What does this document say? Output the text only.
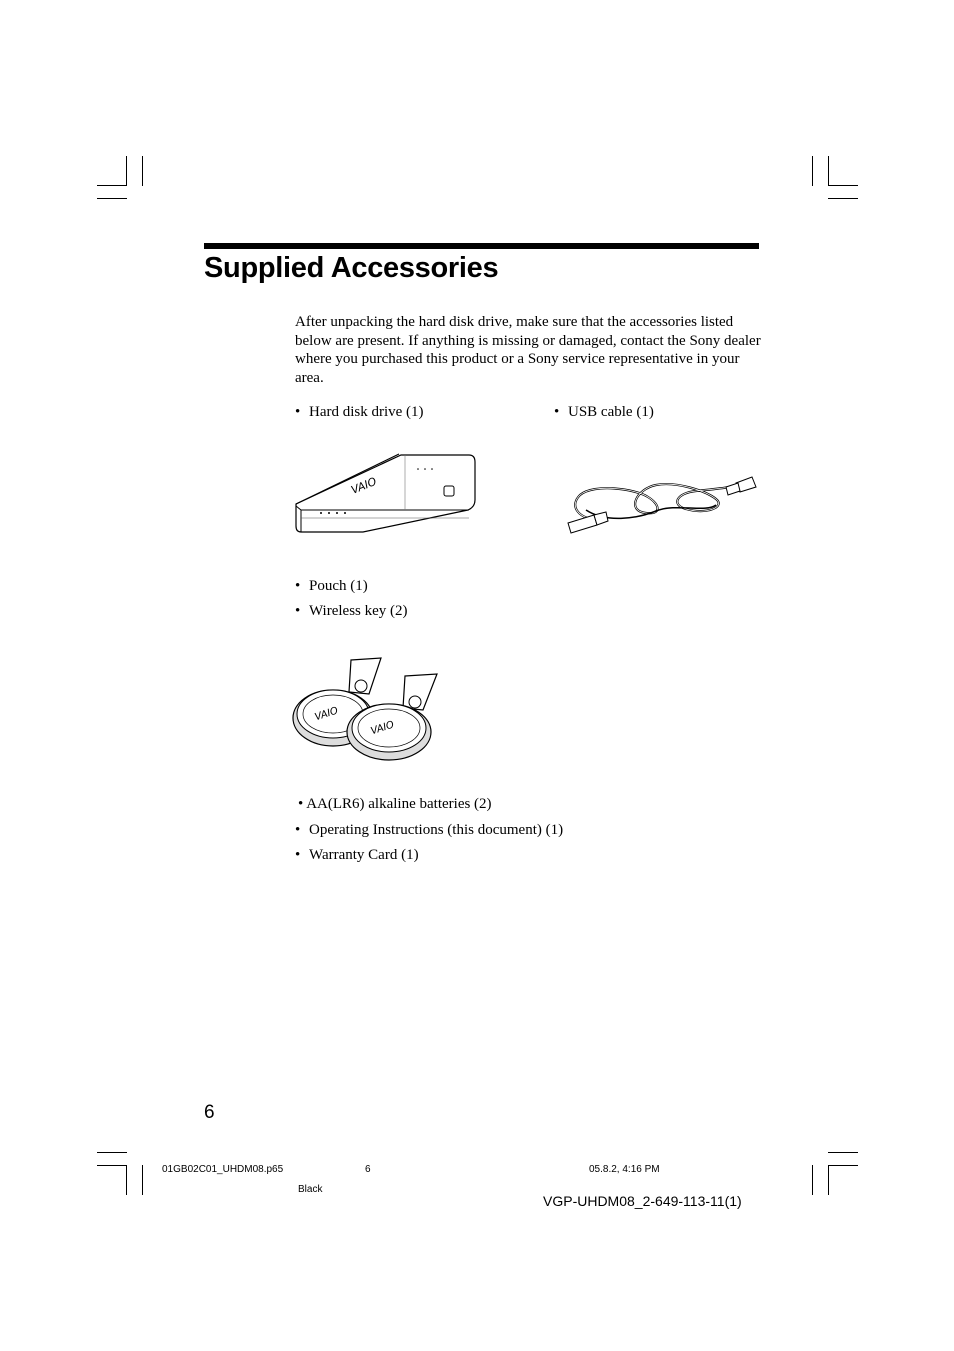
Supplied Accessories
After unpacking the hard disk drive, make sure that the accessories listed below are present. If anything is missing or damaged, contact the Sony dealer where you purchased this product or a Sony service representative in your area.
• Hard disk drive (1)	• USB cable (1)
VAIO
• Pouch (1)
• Wireless key (2)
VAIO
VAIO
• AA(LR6) alkaline batteries (2)
• Operating Instructions (this document) (1)
• Warranty Card (1)
6
01GB02C01_UHDM08.p65	6	05.8.2, 4:16 PM
Black
VGP-UHDM08_2-649-113-11(1)
